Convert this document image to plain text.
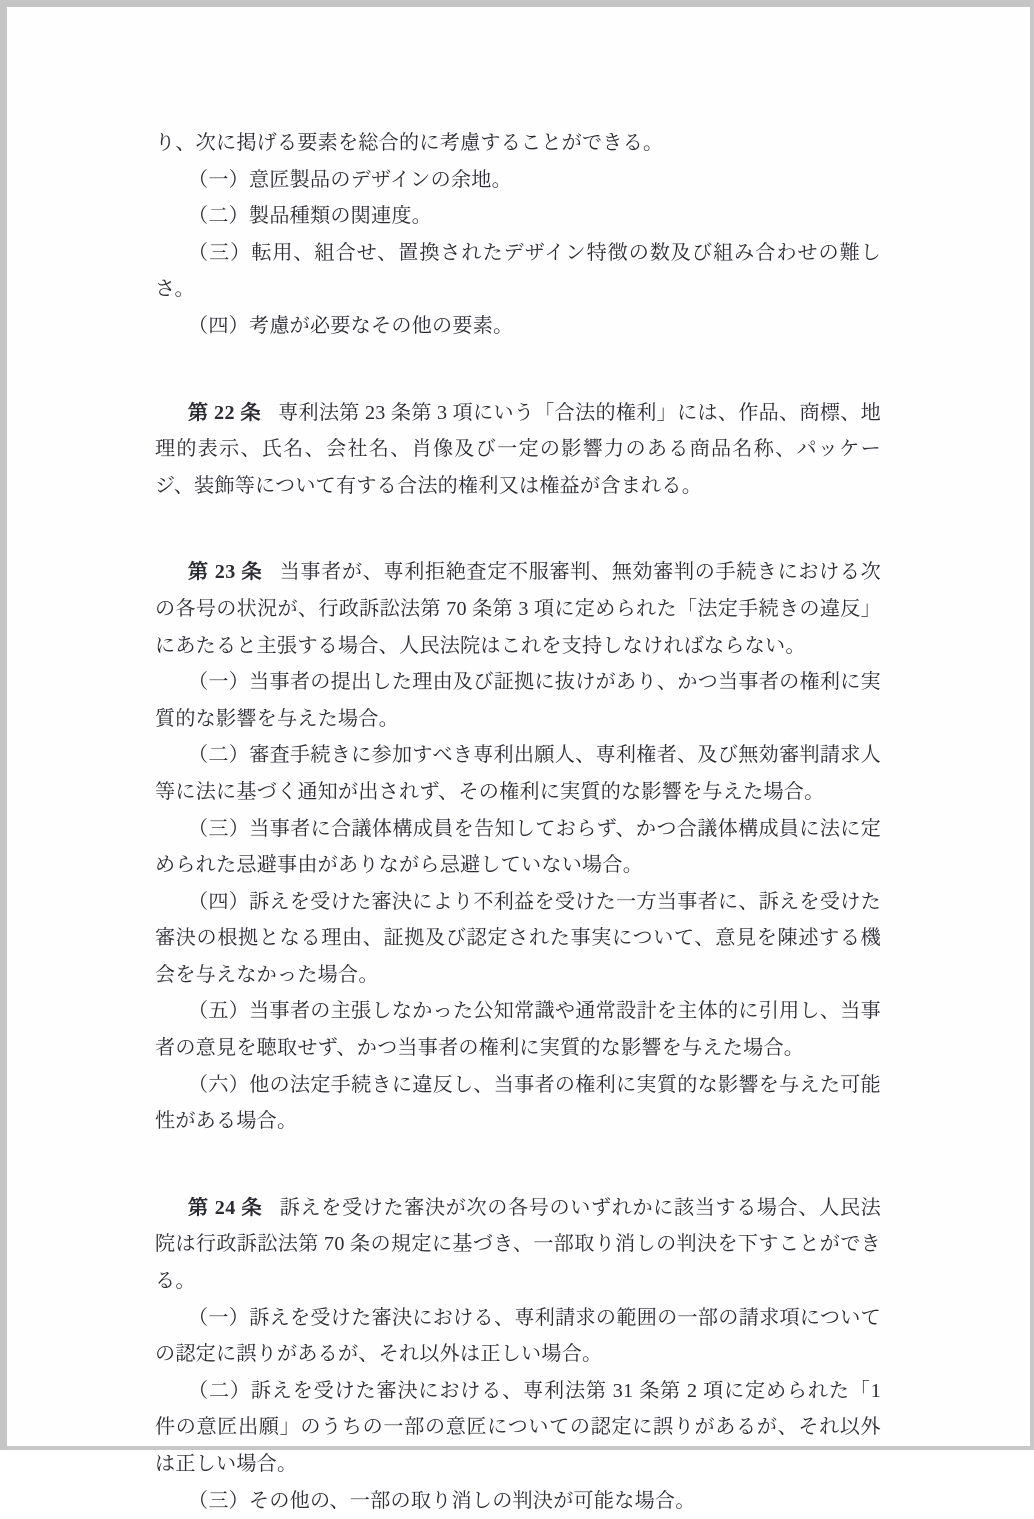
り、次に掲げる要素を総合的に考慮することができる。

（一）意匠製品のデザインの余地。

（二）製品種類の関連度。

（三）転用、組合せ、置換されたデザイン特徴の数及び組み合わせの難しさ。

（四）考慮が必要なその他の要素。

第 22 条 専利法第 23 条第 3 項にいう「合法的権利」には、作品、商標、地理的表示、氏名、会社名、肖像及び一定の影響力のある商品名称、パッケージ、装飾等について有する合法的権利又は権益が含まれる。

第 23 条 当事者が、専利拒絶査定不服審判、無効審判の手続きにおける次の各号の状況が、行政訴訟法第 70 条第 3 項に定められた「法定手続きの違反」にあたると主張する場合、人民法院はこれを支持しなければならない。

（一）当事者の提出した理由及び証拠に抜けがあり、かつ当事者の権利に実質的な影響を与えた場合。

（二）審査手続きに参加すべき専利出願人、専利権者、及び無効審判請求人等に法に基づく通知が出されず、その権利に実質的な影響を与えた場合。

（三）当事者に合議体構成員を告知しておらず、かつ合議体構成員に法に定められた忌避事由がありながら忌避していない場合。

（四）訴えを受けた審決により不利益を受けた一方当事者に、訴えを受けた審決の根拠となる理由、証拠及び認定された事実について、意見を陳述する機会を与えなかった場合。

（五）当事者の主張しなかった公知常識や通常設計を主体的に引用し、当事者の意見を聴取せず、かつ当事者の権利に実質的な影響を与えた場合。

（六）他の法定手続きに違反し、当事者の権利に実質的な影響を与えた可能性がある場合。

第 24 条 訴えを受けた審決が次の各号のいずれかに該当する場合、人民法院は行政訴訟法第 70 条の規定に基づき、一部取り消しの判決を下すことができる。

（一）訴えを受けた審決における、専利請求の範囲の一部の請求項についての認定に誤りがあるが、それ以外は正しい場合。

（二）訴えを受けた審決における、専利法第 31 条第 2 項に定められた「1 件の意匠出願」のうちの一部の意匠についての認定に誤りがあるが、それ以外は正しい場合。

（三）その他の、一部の取り消しの判決が可能な場合。
